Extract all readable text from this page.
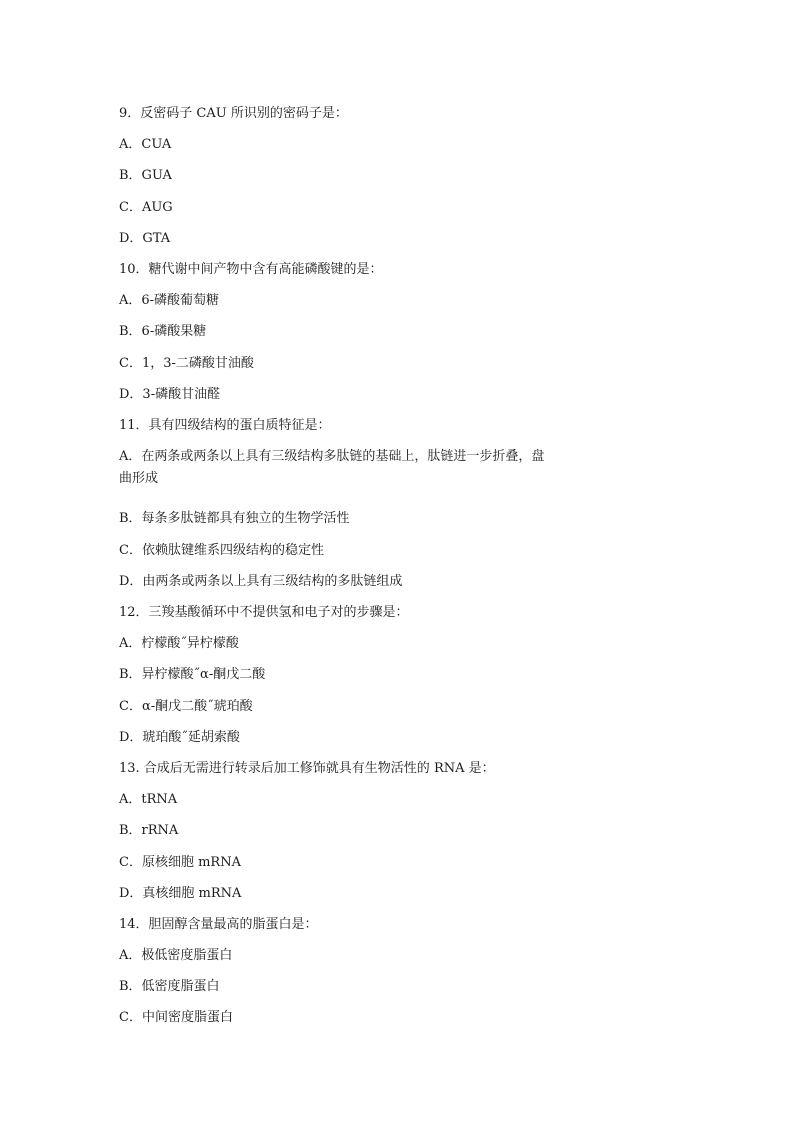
9．反密码子 CAU 所识别的密码子是：
A．CUA
B．GUA
C．AUG
D．GTA
10．糖代谢中间产物中含有高能磷酸键的是：
A．6-磷酸葡萄糖
B．6-磷酸果糖
C．1，3-二磷酸甘油酸
D．3-磷酸甘油醛
11．具有四级结构的蛋白质特征是：
A．在两条或两条以上具有三级结构多肽链的基础上，肽链进一步折叠，盘
曲形成
B．每条多肽链都具有独立的生物学活性
C．依赖肽键维系四级结构的稳定性
D．由两条或两条以上具有三级结构的多肽链组成
12．三羧基酸循环中不提供氢和电子对的步骤是：
A．柠檬酸˝异柠檬酸
B．异柠檬酸˝α-酮戊二酸
C．α-酮戊二酸˝琥珀酸
D．琥珀酸˝延胡索酸
13. 合成后无需进行转录后加工修饰就具有生物活性的 RNA 是：
A．tRNA
B．rRNA
C．原核细胞 mRNA
D．真核细胞 mRNA
14．胆固醇含量最高的脂蛋白是：
A．极低密度脂蛋白
B．低密度脂蛋白
C．中间密度脂蛋白
